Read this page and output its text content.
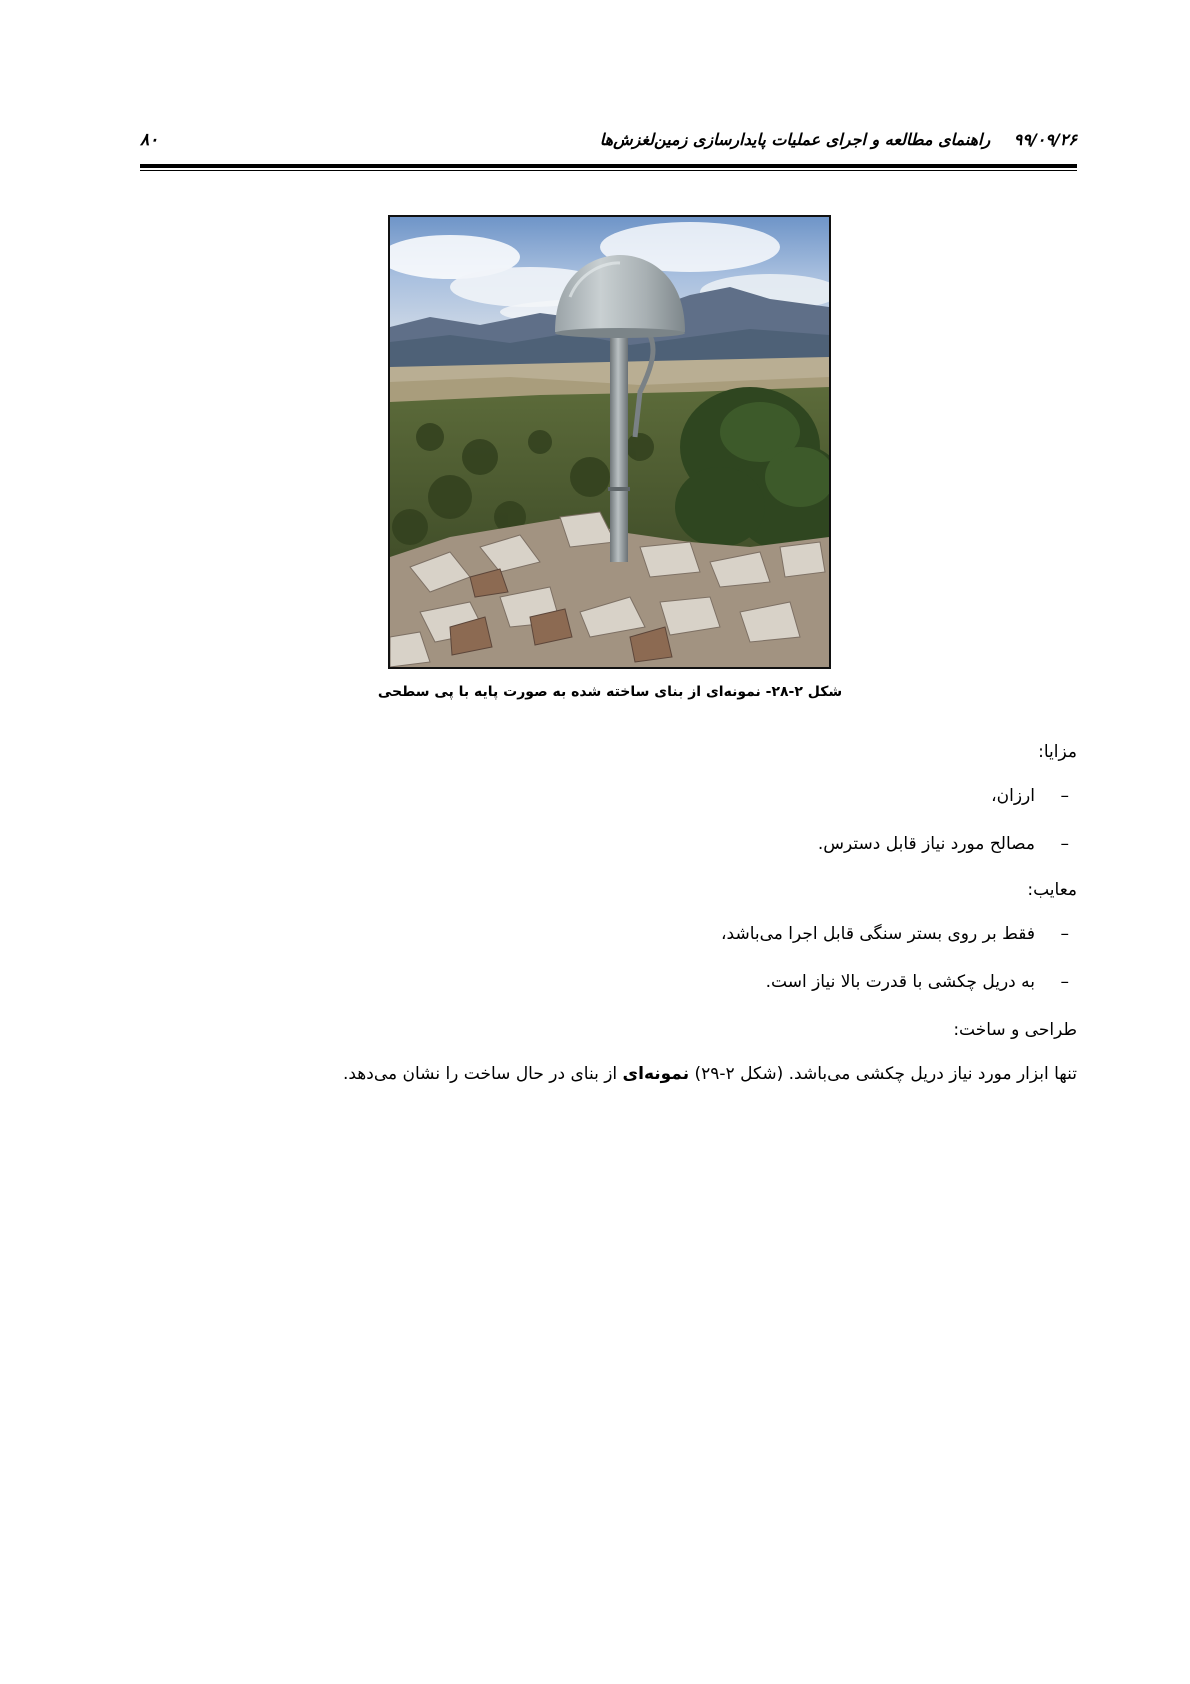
۸۰	۹۹/۰۹/۲۶ راهنمای مطالعه و اجرای عملیات پایدارسازی زمین‌لغزش‌ها
شکل ۲-۲۸- نمونه‌ای از بنای ساخته شده به صورت پایه با پی سطحی
مزایا:
–ارزان،
–مصالح مورد نیاز قابل دسترس.
معایب:
–فقط بر روی بستر سنگی قابل اجرا می‌باشد،
–به دریل چکشی با قدرت بالا نیاز است.
طراحی و ساخت:
تنها ابزار مورد نیاز دریل چکشی می‌باشد. (شکل ۲-۲۹) نمونه‌ای از بنای در حال ساخت را نشان می‌دهد.
